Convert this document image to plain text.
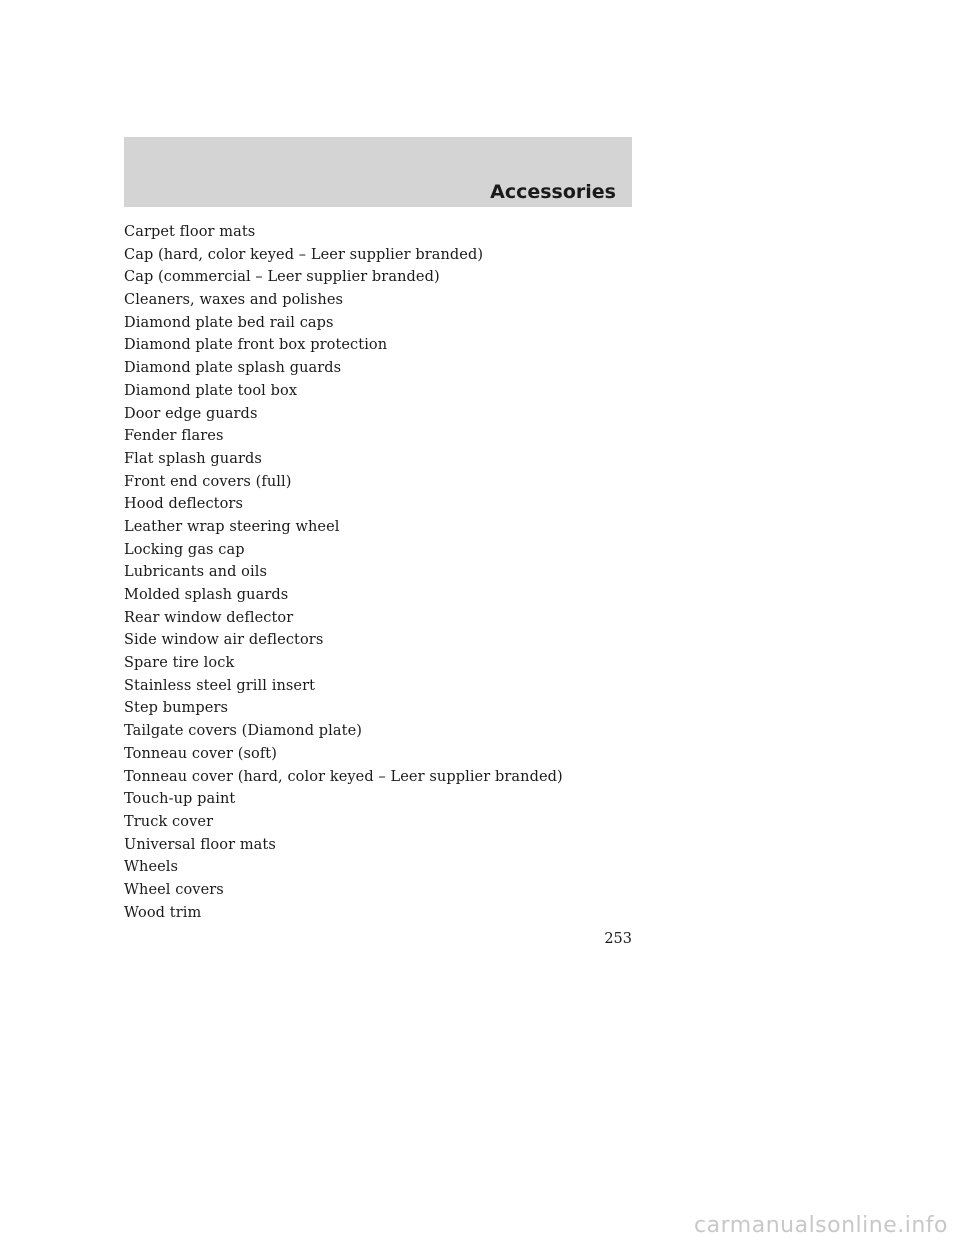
Accessories
Carpet floor mats
Cap (hard, color keyed – Leer supplier branded)
Cap (commercial – Leer supplier branded)
Cleaners, waxes and polishes
Diamond plate bed rail caps
Diamond plate front box protection
Diamond plate splash guards
Diamond plate tool box
Door edge guards
Fender flares
Flat splash guards
Front end covers (full)
Hood deflectors
Leather wrap steering wheel
Locking gas cap
Lubricants and oils
Molded splash guards
Rear window deflector
Side window air deflectors
Spare tire lock
Stainless steel grill insert
Step bumpers
Tailgate covers (Diamond plate)
Tonneau cover (soft)
Tonneau cover (hard, color keyed – Leer supplier branded)
Touch-up paint
Truck cover
Universal floor mats
Wheels
Wheel covers
Wood trim

253

carmanualsonline.info
